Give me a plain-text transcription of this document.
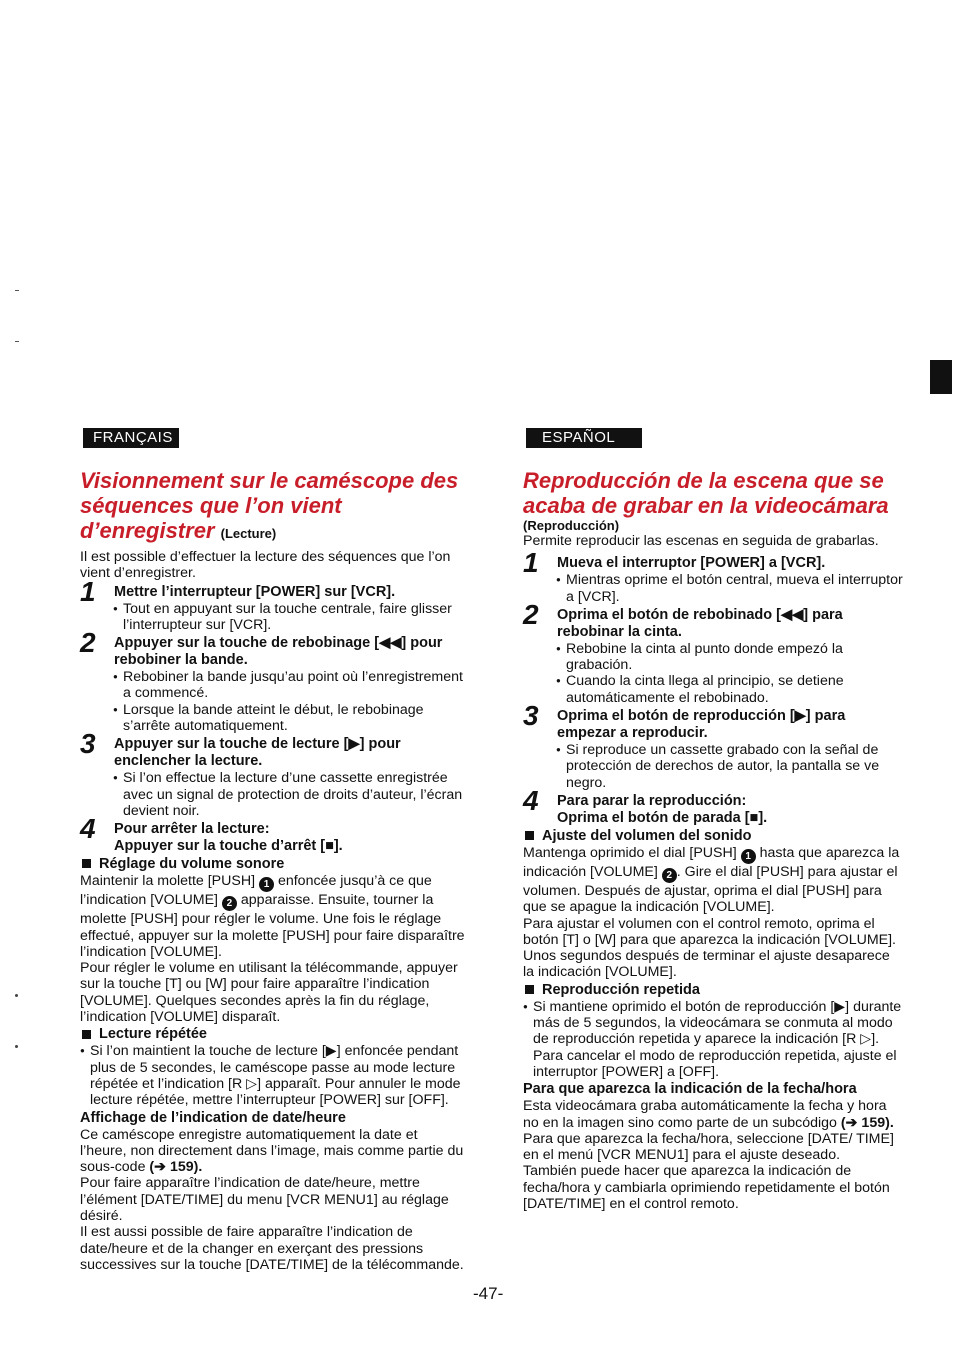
FRANÇAIS
Visionnement sur le caméscope des séquences que l’on vient d’enregistrer (Lecture)

Il est possible d’effectuer la lecture des séquences que l’on vient d’enregistrer.

1 Mettre l’interrupteur [POWER] sur [VCR].
● Tout en appuyant sur la touche centrale, faire glisser l’interrupteur sur [VCR].
2 Appuyer sur la touche de rebobinage [◀◀] pour rebobiner la bande.
● Rebobiner la bande jusqu’au point où l’enregistrement a commencé.
● Lorsque la bande atteint le début, le rebobinage s’arrête automatiquement.
3 Appuyer sur la touche de lecture [▶] pour enclencher la lecture.
● Si l’on effectue la lecture d’une cassette enregistrée avec un signal de protection de droits d’auteur, l’écran devient noir.
4 Pour arrêter la lecture:
Appuyer sur la touche d’arrêt [■].
Réglage du volume sonore

Maintenir la molette [PUSH] 1 enfoncée jusqu’à ce que l’indication [VOLUME] 2 apparaisse. Ensuite, tourner la molette [PUSH] pour régler le volume. Une fois le réglage effectué, appuyer sur la molette [PUSH] pour faire disparaître l’indication [VOLUME].

Pour régler le volume en utilisant la télécommande, appuyer sur la touche [T] ou [W] pour faire apparaître l’indication [VOLUME]. Quelques secondes après la fin du réglage, l’indication [VOLUME] disparaît.

Lecture répétée
● Si l’on maintient la touche de lecture [▶] enfoncée pendant plus de 5 secondes, le caméscope passe au mode lecture répétée et l’indication [R ▷] apparaît. Pour annuler le mode lecture répétée, mettre l’interrupteur [POWER] sur [OFF].
Affichage de l’indication de date/heure

Ce caméscope enregistre automatiquement la date et l’heure, non directement dans l’image, mais comme partie du sous-code (➔ 159).

Pour faire apparaître l’indication de date/heure, mettre l’élément [DATE/TIME] du menu [VCR MENU1] au réglage désiré.

Il est aussi possible de faire apparaître l’indication de date/heure et de la changer en exerçant des pressions successives sur la touche [DATE/TIME] de la télécommande.

ESPAÑOL
Reproducción de la escena que se acaba de grabar en la videocámara
(Reproducción)

Permite reproducir las escenas en seguida de grabarlas.

1 Mueva el interruptor [POWER] a [VCR].
● Mientras oprime el botón central, mueva el interruptor a [VCR].
2 Oprima el botón de rebobinado [◀◀] para rebobinar la cinta.
● Rebobine la cinta al punto donde empezó la grabación.
● Cuando la cinta llega al principio, se detiene automáticamente el rebobinado.
3 Oprima el botón de reproducción [▶] para empezar a reproducir.
● Si reproduce un cassette grabado con la señal de protección de derechos de autor, la pantalla se ve negro.
4 Para parar la reproducción:
Oprima el botón de parada [■].
Ajuste del volumen del sonido

Mantenga oprimido el dial [PUSH] 1 hasta que aparezca la indicación [VOLUME] 2 . Gire el dial [PUSH] para ajustar el volumen. Después de ajustar, oprima el dial [PUSH] para que se apague la indicación [VOLUME].

Para ajustar el volumen con el control remoto, oprima el botón [T] o [W] para que aparezca la indicación [VOLUME]. Unos segundos después de terminar el ajuste desaparece la indicación [VOLUME].

Reproducción repetida
● Si mantiene oprimido el botón de reproducción [▶] durante más de 5 segundos, la videocámara se conmuta al modo de reproducción repetida y aparece la indicación [R ▷]. Para cancelar el modo de reproducción repetida, ajuste el interruptor [POWER] a [OFF].
Para que aparezca la indicación de la fecha/hora

Esta videocámara graba automáticamente la fecha y hora no en la imagen sino como parte de un subcódigo (➔ 159).

Para que aparezca la fecha/hora, seleccione [DATE/ TIME] en el menú [VCR MENU1] para el ajuste deseado.

También puede hacer que aparezca la indicación de fecha/hora y cambiarla oprimiendo repetidamente el botón [DATE/TIME] en el control remoto.

-47-
